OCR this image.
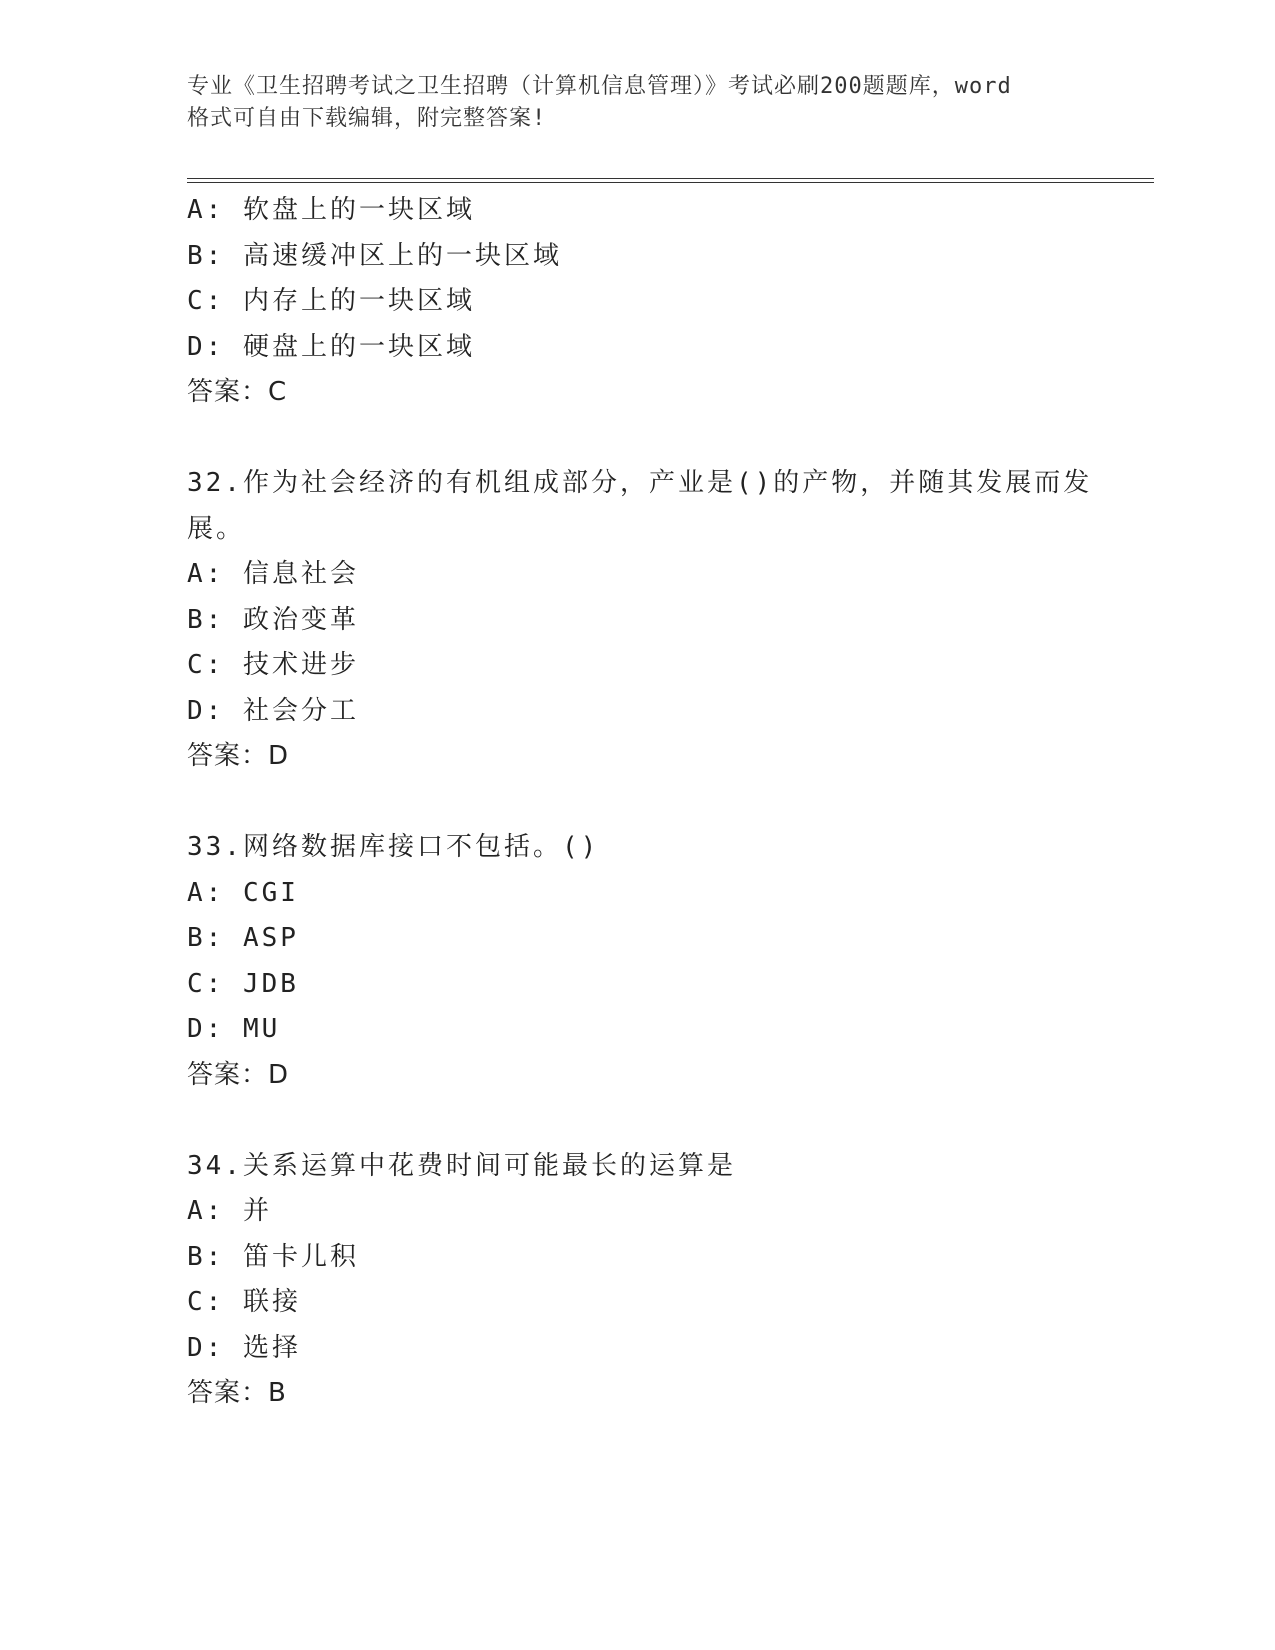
专业《卫生招聘考试之卫生招聘（计算机信息管理）》考试必刷200题题库，word
格式可自由下载编辑，附完整答案!
A: 软盘上的一块区域
B: 高速缓冲区上的一块区域
C: 内存上的一块区域
D: 硬盘上的一块区域
答案：C
32.作为社会经济的有机组成部分，产业是()的产物，并随其发展而发
展。
A: 信息社会
B: 政治变革
C: 技术进步
D: 社会分工
答案：D
33.网络数据库接口不包括。()
A: CGI
B: ASP
C: JDB
D: MU
答案：D
34.关系运算中花费时间可能最长的运算是
A: 并
B: 笛卡儿积
C: 联接
D: 选择
答案：B
